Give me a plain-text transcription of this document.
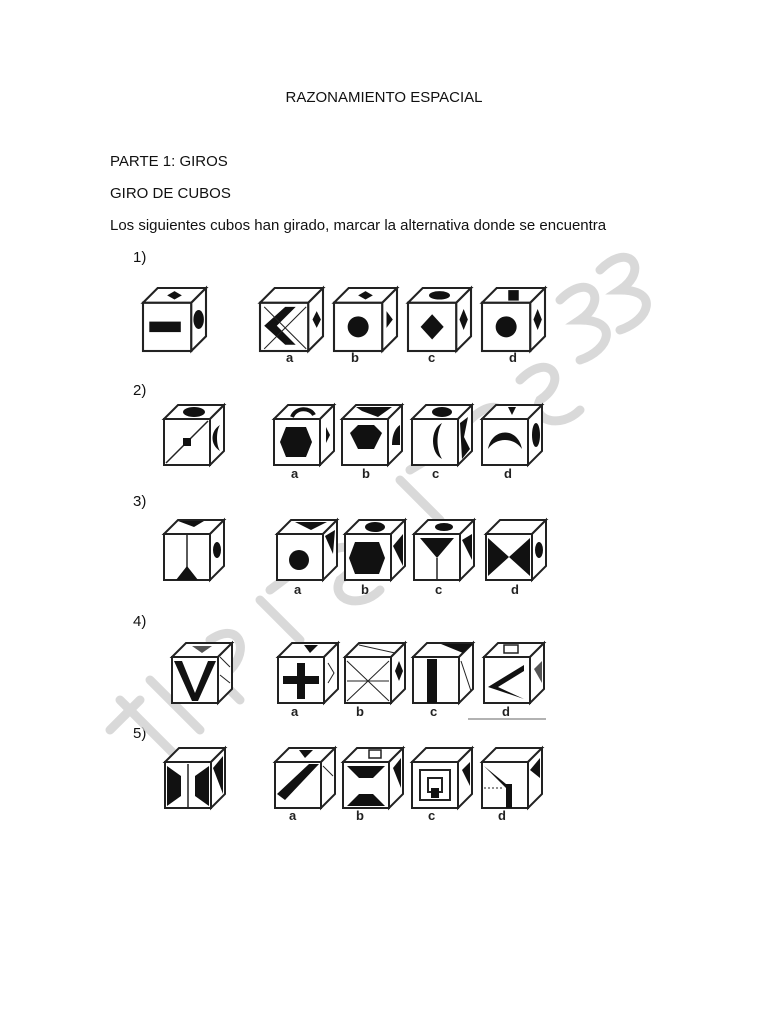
RAZONAMIENTO ESPACIAL
PARTE 1: GIROS
GIRO DE CUBOS
Los siguientes cubos han girado, marcar la alternativa donde se encuentra
1)
2)
3)
4)
5)
a	b	c	d
a	b	c	d
a	b	c	d
a	b	c	d
a	b	c	d
